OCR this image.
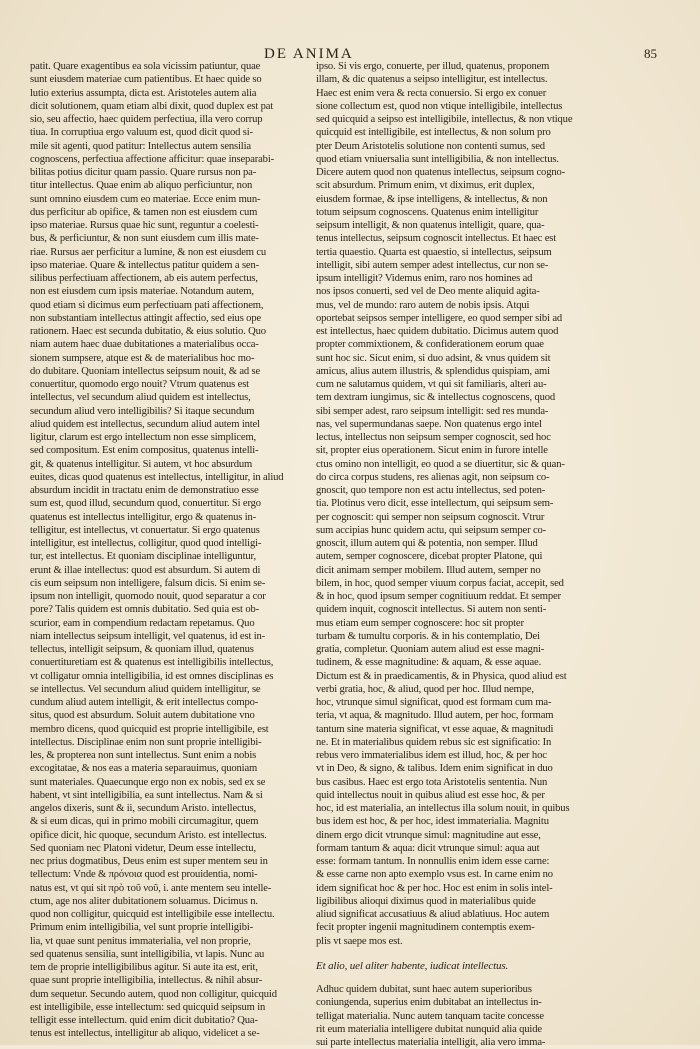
DE ANIMA	85
patit. Quare exagentibus ea sola vicissim patiuntur, quae
sunt eiusdem materiae cum patientibus. Et haec quide so
lutio exterius assumpta, dicta est. Aristoteles autem alia
dicit solutionem, quam etiam albi dixit, quod duplex est pat
sio, seu affectio, haec quidem perfectiua, illa vero corrup
tiua. In corruptiua ergo valuum est, quod dicit quod si-
mile sit agenti, quod patitur: Intellectus autem sensilia
cognoscens, perfectiua affectione afficitur: quae inseparabi-
bilitas potius dicitur quam passio. Quare rursus non pa-
titur intellectus. Quae enim ab aliquo perficiuntur, non
sunt omnino eiusdem cum eo materiae. Ecce enim mun-
dus perficitur ab opifice, & tamen non est eiusdem cum
ipso materiae. Rursus quae hic sunt, reguntur a coelesti-
bus, & perficiuntur, & non sunt eiusdem cum illis mate-
riae. Rursus aer perficitur a lumine, & non est eiusdem cu
ipso materiae. Quare & intellectus patitur quidem a sen-
silibus perfectiuam affectionem, ab eis autem perfectus,
non est eiusdem cum ipsis materiae. Notandum autem,
quod etiam si dicimus eum perfectiuam pati affectionem,
non substantiam intellectus attingit affectio, sed eius ope
rationem. Haec est secunda dubitatio, & eius solutio. Quo
niam autem haec duae dubitationes a materialibus occa-
sionem sumpsere, atque est & de materialibus hoc mo-
do dubitare. Quoniam intellectus seipsum nouit, & ad se
conuertitur, quomodo ergo nouit? Vtrum quatenus est
intellectus, vel secundum aliud quidem est intellectus,
secundum aliud vero intelligibilis? Si itaque secundum
aliud quidem est intellectus, secundum aliud autem intel
ligitur, clarum est ergo intellectum non esse simplicem,
sed compositum. Est enim compositus, quatenus intelli-
git, & quatenus intelligitur. Si autem, vt hoc absurdum
euites, dicas quod quatenus est intellectus, intelligitur, in aliud
absurdum incidit in tractatu enim de demonstratiuo esse
sum est, quod illud, secundum quod, conuertitur. Si ergo
quatenus est intellectus intelligitur, ergo & quatenus in-
telligitur, est intellectus, vt conuertatur. Si ergo quatenus
intelligitur, est intellectus, colligitur, quod quod intelligi-
tur, est intellectus. Et quoniam disciplinae intelliguntur,
erunt & illae intellectus: quod est absurdum. Si autem di
cis eum seipsum non intelligere, falsum dicis. Si enim se-
ipsum non intelligit, quomodo nouit, quod separatur a cor
pore? Talis quidem est omnis dubitatio. Sed quia est ob-
scurior, eam in compendium redactam repetamus. Quo
niam intellectus seipsum intelligit, vel quatenus, id est in-
tellectus, intelligit seipsum, & quoniam illud, quatenus
conuertituretiam est & quatenus est intelligibilis intellectus,
vt colligatur omnia intelligibilia, id est omnes disciplinas es
se intellectus. Vel secundum aliud quidem intelligitur, se
cundum aliud autem intelligit, & erit intellectus compo-
situs, quod est absurdum. Soluit autem dubitatione vno
membro dicens, quod quicquid est proprie intelligibile, est
intellectus. Disciplinae enim non sunt proprie intelligibi-
les, & propterea non sunt intellectus. Sunt enim a nobis
excogitatae, & nos eas a materia separauimus, quoniam
sunt materiales. Quaecunque ergo non ex nobis, sed ex se
habent, vt sint intelligibilia, ea sunt intellectus. Nam & si
angelos dixeris, sunt & ii, secundum Aristo. intellectus,
& si eum dicas, qui in primo mobili circumagitur, quem
opifice dicit, hic quoque, secundum Aristo. est intellectus.
Sed quoniam nec Platoni videtur, Deum esse intellectu,
nec prius dogmatibus, Deus enim est super mentem seu in
tellectum: Vnde & πρόνοια quod est prouidentia, nomi-
natus est, vt qui sit πρὸ τοῦ νοῦ, i. ante mentem seu intelle-
ctum, age nos aliter dubitationem soluamus. Dicimus n.
quod non colligitur, quicquid est intelligibile esse intellectu.
Primum enim intelligibilia, vel sunt proprie intelligibi-
lia, vt quae sunt penitus immaterialia, vel non proprie,
sed quatenus sensilia, sunt intelligibilia, vt lapis. Nunc au
tem de proprie intelligibilibus agitur. Si aute ita est, erit,
quae sunt proprie intelligibilia, intellectus. & nihil absur-
dum sequetur. Secundo autem, quod non colligitur, quicquid
est intelligibile, esse intellectum: sed quicquid seipsum in
telligit esse intellectum. quid enim dicit dubitatio? Qua-
tenus est intellectus, intelligitur ab aliquo, videlicet a se-
ipso. Si vis ergo, conuerte, per illud, quatenus, proponem
illam, & dic quatenus a seipso intelligitur, est intellectus.
Haec est enim vera & recta conuersio. Si ergo ex conuer
sione collectum est, quod non vtique intelligibile, intellectus
sed quicquid a seipso est intelligibile, intellectus, & non vtique
quicquid est intelligibile, est intellectus, & non solum pro
pter Deum Aristotelis solutione non contenti sumus, sed
quod etiam vniuersalia sunt intelligibilia, & non intellectus.
Dicere autem quod non quatenus intellectus, seipsum cogno-
scit absurdum. Primum enim, vt diximus, erit duplex,
eiusdem formae, & ipse intelligens, & intellectus, & non
totum seipsum cognoscens. Quatenus enim intelligitur
seipsum intelligit, & non quatenus intelligit, quare, qua-
tenus intellectus, seipsum cognoscit intellectus. Et haec est
tertia quaestio. Quarta est quaestio, si intellectus, seipsum
intelligit, sibi autem semper adest intellectus, cur non se-
ipsum intelligit? Videmus enim, raro nos homines ad
nos ipsos conuerti, sed vel de Deo mente aliquid agita-
mus, vel de mundo: raro autem de nobis ipsis. Atqui
oportebat seipsos semper intelligere, eo quod semper sibi ad
est intellectus, haec quidem dubitatio. Dicimus autem quod
propter commixtionem, & confiderationem eorum quae
sunt hoc sic. Sicut enim, si duo adsint, & vnus quidem sit
amicus, alius autem illustris, & splendidus quispiam, ami
cum ne salutamus quidem, vt qui sit familiaris, alteri au-
tem dextram iungimus, sic & intellectus cognoscens, quod
sibi semper adest, raro seipsum intelligit: sed res munda-
nas, vel supermundanas saepe. Non quatenus ergo intel
lectus, intellectus non seipsum semper cognoscit, sed hoc
sit, propter eius operationem. Sicut enim in furore intelle
ctus omino non intelligit, eo quod a se diuertitur, sic & quan-
do circa corpus studens, res alienas agit, non seipsum co-
gnoscit, quo tempore non est actu intellectus, sed poten-
tia. Plotinus vero dicit, esse intellectum, qui seipsum sem-
per cognoscit: qui semper non seipsum cognoscit. Vtrur
sum accipias hunc quidem actu, qui seipsum semper co-
gnoscit, illum autem qui & potentia, non semper. Illud
autem, semper cognoscere, dicebat propter Platone, qui
dicit animam semper mobilem. Illud autem, semper no
bilem, in hoc, quod semper viuum corpus faciat, accepit, sed
& in hoc, quod ipsum semper cognitiuum reddat. Et semper
quidem inquit, cognoscit intellectus. Si autem non senti-
mus etiam eum semper cognoscere: hoc sit propter
turbam & tumultu corporis. & in his contemplatio, Dei
gratia, completur. Quoniam autem aliud est esse magni-
tudinem, & esse magnitudine: & aquam, & esse aquae.
Dictum est & in praedicamentis, & in Physica, quod aliud est
verbi gratia, hoc, & aliud, quod per hoc. Illud nempe,
hoc, vtrunque simul significat, quod est formam cum ma-
teria, vt aqua, & magnitudo. Illud autem, per hoc, formam
tantum sine materia significat, vt esse aquae, & magnitudi
ne. Et in materialibus quidem rebus sic est significatio: In
rebus vero immaterialibus idem est illud, hoc, & per hoc
vt in Deo, & signo, & talibus. Idem enim significat in duo
bus casibus. Haec est ergo tota Aristotelis sententia. Nun
quid intellectus nouit in quibus aliud est esse hoc, & per
hoc, id est materialia, an intellectus illa solum nouit, in quibus
bus idem est hoc, & per hoc, idest immaterialia. Magnitu
dinem ergo dicit vtrunque simul: magnitudine aut esse,
formam tantum & aqua: dicit vtrunque simul: aqua aut
esse: formam tantum. In nonnullis enim idem esse carne:
& esse carne non apto exemplo vsus est. In carne enim no
idem significat hoc & per hoc. Hoc est enim in solis intel-
ligibilibus alioqui diximus quod in materialibus quide
aliud significat accusatiuus & aliud ablatiuus. Hoc autem
fecit propter ingenii magnitudinem contemptis exem-
plis vt saepe mos est.
Et alio, uel aliter habente, iudicat intellectus.
Adhuc quidem dubitat, sunt haec autem superioribus
coniungenda, superius enim dubitabat an intellectus in-
telligat materialia. Nunc autem tanquam tacite concesse
rit eum materialia intelligere dubitat nunquid alia quide
sui parte intellectus materialia intelligit, alia vero imma-
